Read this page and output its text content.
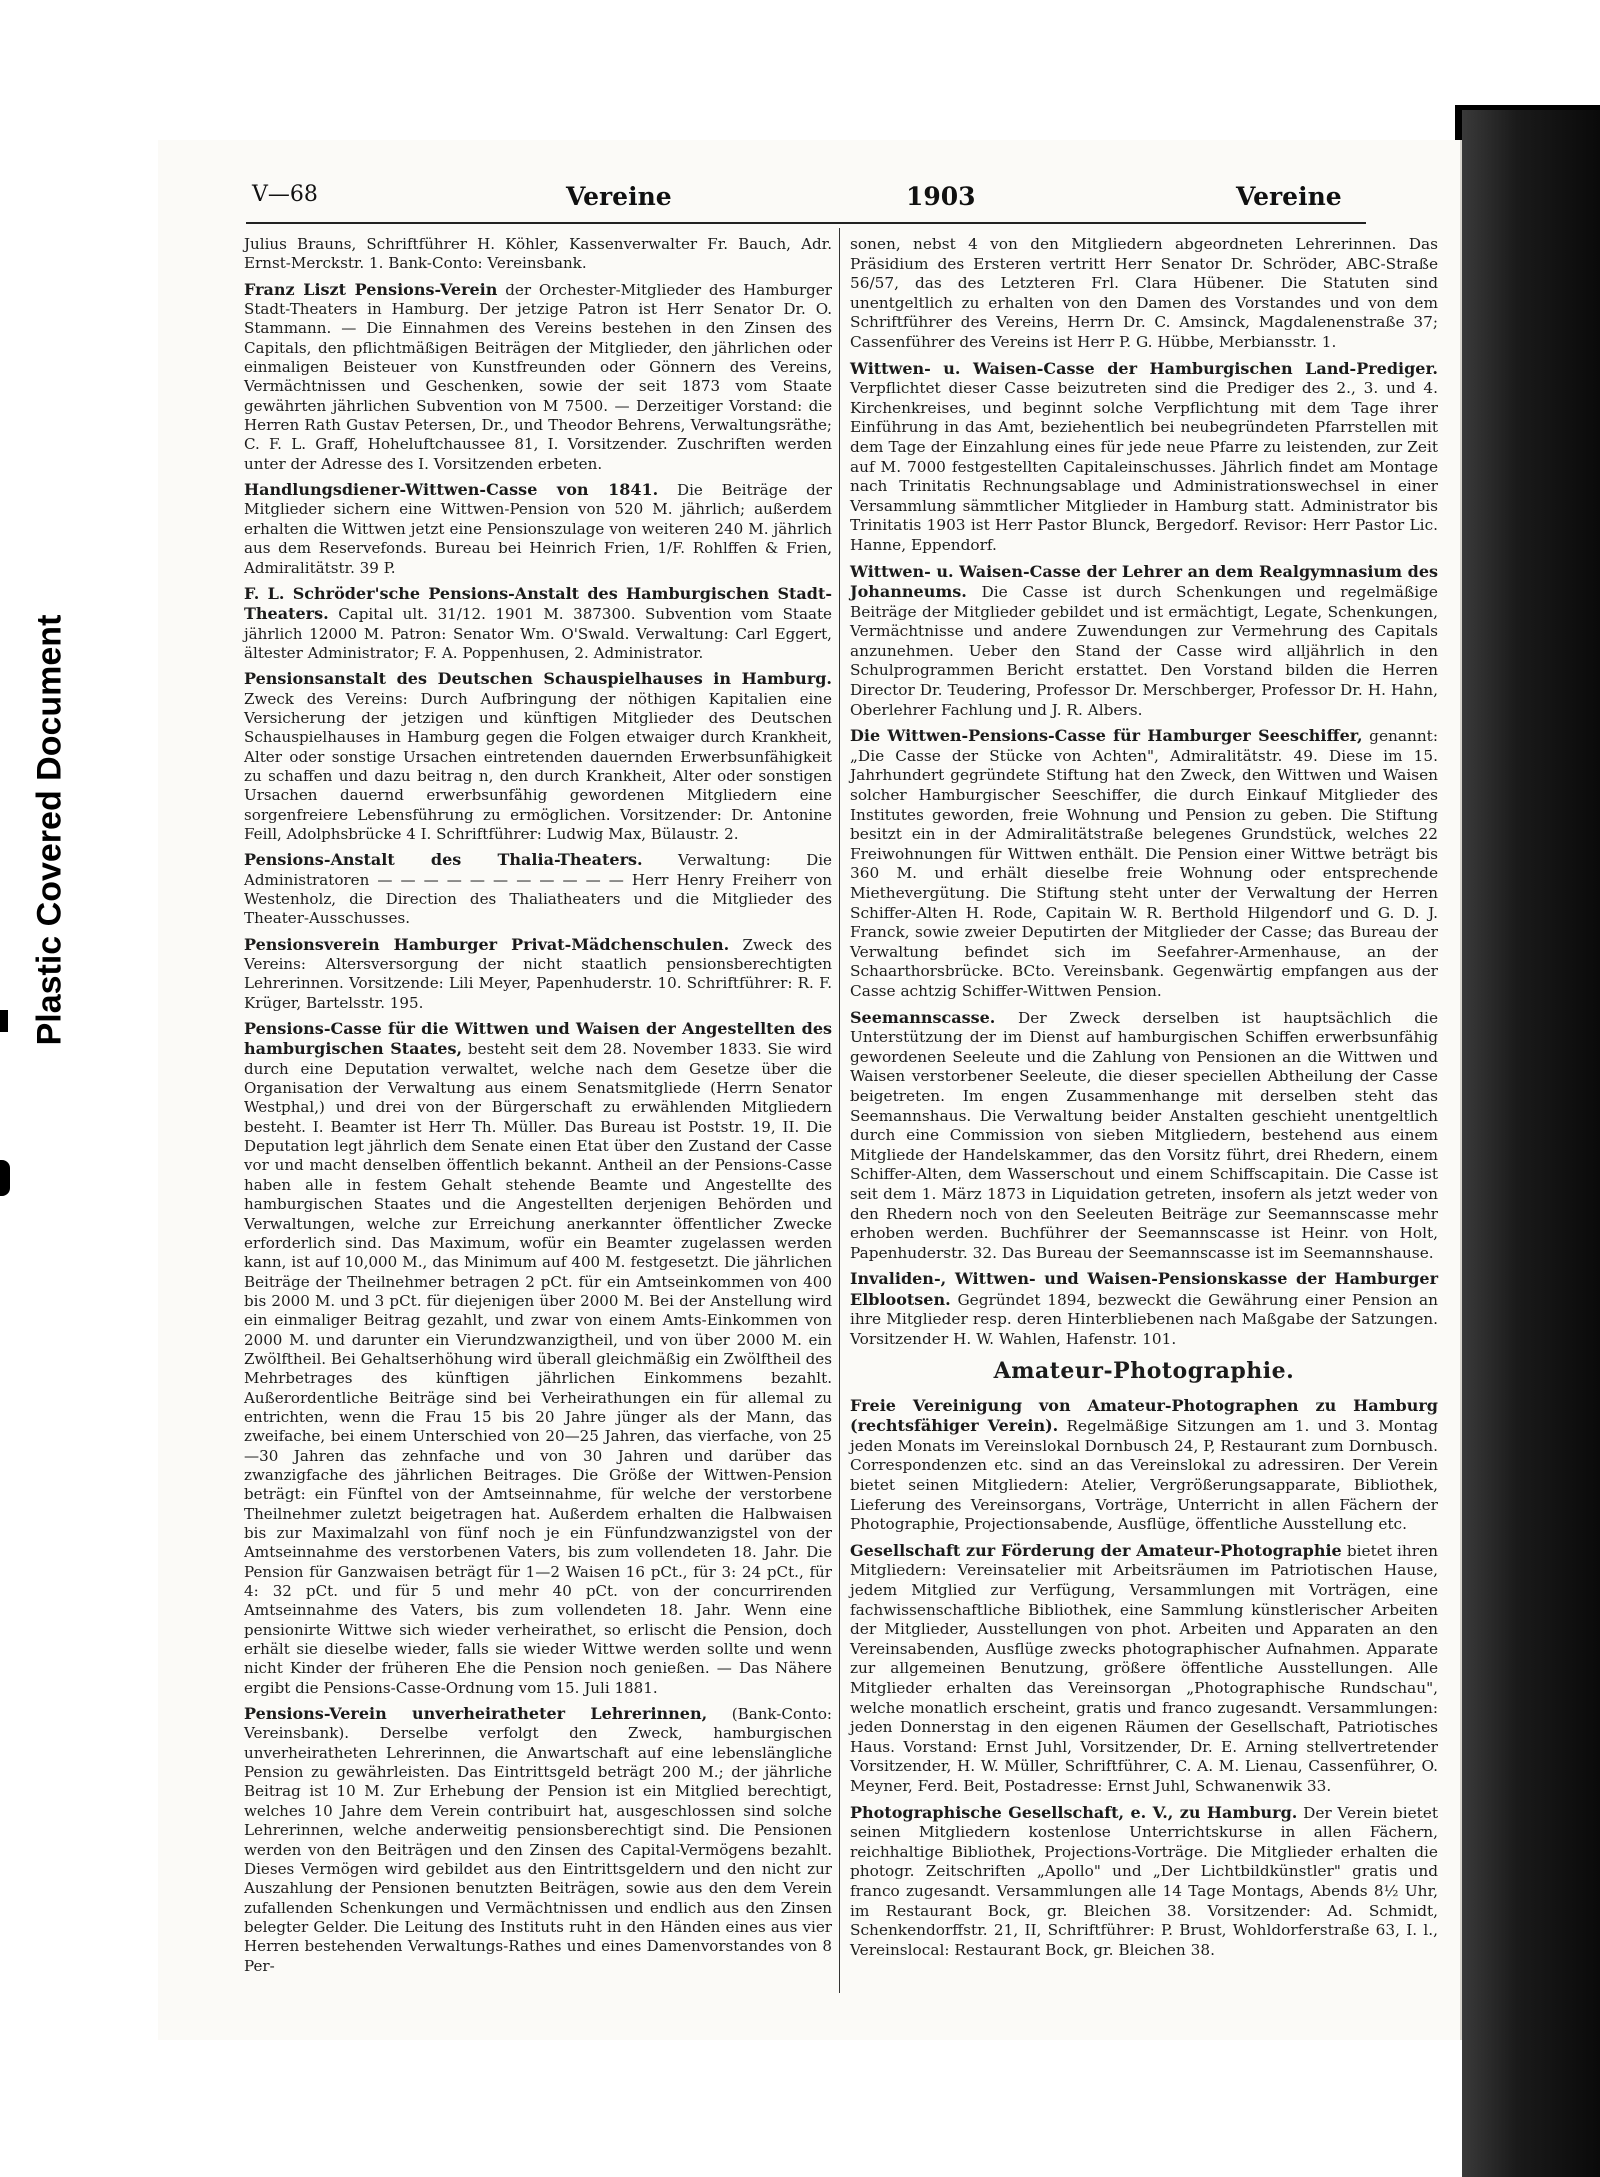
Plastic Covered Document
V—68	Vereine	1903	Vereine

Julius Brauns, Schriftführer H. Köhler, Kassenverwalter Fr. Bauch, Adr. Ernst-Merckstr. 1. Bank-Conto: Vereinsbank.

Franz Liszt Pensions-Verein der Orchester-Mitglieder des Hamburger Stadt-Theaters in Hamburg. Der jetzige Patron ist Herr Senator Dr. O. Stammann. — Die Einnahmen des Vereins bestehen in den Zinsen des Capitals, den pflichtmäßigen Beiträgen der Mitglieder, den jährlichen oder einmaligen Beisteuer von Kunstfreunden oder Gönnern des Vereins, Vermächtnissen und Geschenken, sowie der seit 1873 vom Staate gewährten jährlichen Subvention von M 7500. — Derzeitiger Vorstand: die Herren Rath Gustav Petersen, Dr., und Theodor Behrens, Verwaltungsräthe; C. F. L. Graff, Hoheluftchaussee 81, I. Vorsitzender. Zuschriften werden unter der Adresse des I. Vorsitzenden erbeten.

Handlungsdiener-Wittwen-Casse von 1841. Die Beiträge der Mitglieder sichern eine Wittwen-Pension von 520 M. jährlich; außerdem erhalten die Wittwen jetzt eine Pensionszulage von weiteren 240 M. jährlich aus dem Reservefonds. Bureau bei Heinrich Frien, 1/F. Rohlffen & Frien, Admiralitätstr. 39 P.

F. L. Schröder'sche Pensions-Anstalt des Hamburgischen Stadt-Theaters. Capital ult. 31/12. 1901 M. 387300. Subvention vom Staate jährlich 12000 M. Patron: Senator Wm. O'Swald. Verwaltung: Carl Eggert, ältester Administrator; F. A. Poppenhusen, 2. Administrator.

Pensionsanstalt des Deutschen Schauspielhauses in Hamburg. Zweck des Vereins: Durch Aufbringung der nöthigen Kapitalien eine Versicherung der jetzigen und künftigen Mitglieder des Deutschen Schauspielhauses in Hamburg gegen die Folgen etwaiger durch Krankheit, Alter oder sonstige Ursachen eintretenden dauernden Erwerbsunfähigkeit zu schaffen und dazu beitrag n, den durch Krankheit, Alter oder sonstigen Ursachen dauernd erwerbsunfähig gewordenen Mitgliedern eine sorgenfreiere Lebensführung zu ermöglichen. Vorsitzender: Dr. Antonine Feill, Adolphsbrücke 4 I. Schriftführer: Ludwig Max, Bülaustr. 2.

Pensions-Anstalt des Thalia-Theaters. Verwaltung: Die Administratoren — — — — — — — — — — — Herr Henry Freiherr von Westenholz, die Direction des Thaliatheaters und die Mitglieder des Theater-Ausschusses.

Pensionsverein Hamburger Privat-Mädchenschulen. Zweck des Vereins: Altersversorgung der nicht staatlich pensionsberechtigten Lehrerinnen. Vorsitzende: Lili Meyer, Papenhuderstr. 10. Schriftführer: R. F. Krüger, Bartelsstr. 195.

Pensions-Casse für die Wittwen und Waisen der Angestellten des hamburgischen Staates, besteht seit dem 28. November 1833. Sie wird durch eine Deputation verwaltet, welche nach dem Gesetze über die Organisation der Verwaltung aus einem Senatsmitgliede (Herrn Senator Westphal,) und drei von der Bürgerschaft zu erwählenden Mitgliedern besteht. I. Beamter ist Herr Th. Müller. Das Bureau ist Poststr. 19, II. Die Deputation legt jährlich dem Senate einen Etat über den Zustand der Casse vor und macht denselben öffentlich bekannt. Antheil an der Pensions-Casse haben alle in festem Gehalt stehende Beamte und Angestellte des hamburgischen Staates und die Angestellten derjenigen Behörden und Verwaltungen, welche zur Erreichung anerkannter öffentlicher Zwecke erforderlich sind. Das Maximum, wofür ein Beamter zugelassen werden kann, ist auf 10,000 M., das Minimum auf 400 M. festgesetzt. Die jährlichen Beiträge der Theilnehmer betragen 2 pCt. für ein Amtseinkommen von 400 bis 2000 M. und 3 pCt. für diejenigen über 2000 M. Bei der Anstellung wird ein einmaliger Beitrag gezahlt, und zwar von einem Amts-Einkommen von 2000 M. und darunter ein Vierundzwanzigtheil, und von über 2000 M. ein Zwölftheil. Bei Gehaltserhöhung wird überall gleichmäßig ein Zwölftheil des Mehrbetrages des künftigen jährlichen Einkommens bezahlt. Außerordentliche Beiträge sind bei Verheirathungen ein für allemal zu entrichten, wenn die Frau 15 bis 20 Jahre jünger als der Mann, das zweifache, bei einem Unterschied von 20—25 Jahren, das vierfache, von 25—30 Jahren das zehnfache und von 30 Jahren und darüber das zwanzigfache des jährlichen Beitrages. Die Größe der Wittwen-Pension beträgt: ein Fünftel von der Amtseinnahme, für welche der verstorbene Theilnehmer zuletzt beigetragen hat. Außerdem erhalten die Halbwaisen bis zur Maximalzahl von fünf noch je ein Fünfundzwanzigstel von der Amtseinnahme des verstorbenen Vaters, bis zum vollendeten 18. Jahr. Die Pension für Ganzwaisen beträgt für 1—2 Waisen 16 pCt., für 3: 24 pCt., für 4: 32 pCt. und für 5 und mehr 40 pCt. von der concurrirenden Amtseinnahme des Vaters, bis zum vollendeten 18. Jahr. Wenn eine pensionirte Wittwe sich wieder verheirathet, so erlischt die Pension, doch erhält sie dieselbe wieder, falls sie wieder Wittwe werden sollte und wenn nicht Kinder der früheren Ehe die Pension noch genießen. — Das Nähere ergibt die Pensions-Casse-Ordnung vom 15. Juli 1881.

Pensions-Verein unverheiratheter Lehrerinnen, (Bank-Conto: Vereinsbank). Derselbe verfolgt den Zweck, hamburgischen unverheiratheten Lehrerinnen, die Anwartschaft auf eine lebenslängliche Pension zu gewährleisten. Das Eintrittsgeld beträgt 200 M.; der jährliche Beitrag ist 10 M. Zur Erhebung der Pension ist ein Mitglied berechtigt, welches 10 Jahre dem Verein contribuirt hat, ausgeschlossen sind solche Lehrerinnen, welche anderweitig pensionsberechtigt sind. Die Pensionen werden von den Beiträgen und den Zinsen des Capital-Vermögens bezahlt. Dieses Vermögen wird gebildet aus den Eintrittsgeldern und den nicht zur Auszahlung der Pensionen benutzten Beiträgen, sowie aus den dem Verein zufallenden Schenkungen und Vermächtnissen und endlich aus den Zinsen belegter Gelder. Die Leitung des Instituts ruht in den Händen eines aus vier Herren bestehenden Verwaltungs-Rathes und eines Damenvorstandes von 8 Per-

sonen, nebst 4 von den Mitgliedern abgeordneten Lehrerinnen. Das Präsidium des Ersteren vertritt Herr Senator Dr. Schröder, ABC-Straße 56/57, das des Letzteren Frl. Clara Hübener. Die Statuten sind unentgeltlich zu erhalten von den Damen des Vorstandes und von dem Schriftführer des Vereins, Herrn Dr. C. Amsinck, Magdalenenstraße 37; Cassenführer des Vereins ist Herr P. G. Hübbe, Merbiansstr. 1.

Wittwen- u. Waisen-Casse der Hamburgischen Land-Prediger. Verpflichtet dieser Casse beizutreten sind die Prediger des 2., 3. und 4. Kirchenkreises, und beginnt solche Verpflichtung mit dem Tage ihrer Einführung in das Amt, beziehentlich bei neubegründeten Pfarrstellen mit dem Tage der Einzahlung eines für jede neue Pfarre zu leistenden, zur Zeit auf M. 7000 festgestellten Capitaleinschusses. Jährlich findet am Montage nach Trinitatis Rechnungsablage und Administrationswechsel in einer Versammlung sämmtlicher Mitglieder in Hamburg statt. Administrator bis Trinitatis 1903 ist Herr Pastor Blunck, Bergedorf. Revisor: Herr Pastor Lic. Hanne, Eppendorf.

Wittwen- u. Waisen-Casse der Lehrer an dem Realgymnasium des Johanneums. Die Casse ist durch Schenkungen und regelmäßige Beiträge der Mitglieder gebildet und ist ermächtigt, Legate, Schenkungen, Vermächtnisse und andere Zuwendungen zur Vermehrung des Capitals anzunehmen. Ueber den Stand der Casse wird alljährlich in den Schulprogrammen Bericht erstattet. Den Vorstand bilden die Herren Director Dr. Teudering, Professor Dr. Merschberger, Professor Dr. H. Hahn, Oberlehrer Fachlung und J. R. Albers.

Die Wittwen-Pensions-Casse für Hamburger Seeschiffer, genannt: „Die Casse der Stücke von Achten", Admiralitätstr. 49. Diese im 15. Jahrhundert gegründete Stiftung hat den Zweck, den Wittwen und Waisen solcher Hamburgischer Seeschiffer, die durch Einkauf Mitglieder des Institutes geworden, freie Wohnung und Pension zu geben. Die Stiftung besitzt ein in der Admiralitätstraße belegenes Grundstück, welches 22 Freiwohnungen für Wittwen enthält. Die Pension einer Wittwe beträgt bis 360 M. und erhält dieselbe freie Wohnung oder entsprechende Miethevergütung. Die Stiftung steht unter der Verwaltung der Herren Schiffer-Alten H. Rode, Capitain W. R. Berthold Hilgendorf und G. D. J. Franck, sowie zweier Deputirten der Mitglieder der Casse; das Bureau der Verwaltung befindet sich im Seefahrer-Armenhause, an der Schaarthorsbrücke. BCto. Vereinsbank. Gegenwärtig empfangen aus der Casse achtzig Schiffer-Wittwen Pension.

Seemannscasse. Der Zweck derselben ist hauptsächlich die Unterstützung der im Dienst auf hamburgischen Schiffen erwerbsunfähig gewordenen Seeleute und die Zahlung von Pensionen an die Wittwen und Waisen verstorbener Seeleute, die dieser speciellen Abtheilung der Casse beigetreten. Im engen Zusammenhange mit derselben steht das Seemannshaus. Die Verwaltung beider Anstalten geschieht unentgeltlich durch eine Commission von sieben Mitgliedern, bestehend aus einem Mitgliede der Handelskammer, das den Vorsitz führt, drei Rhedern, einem Schiffer-Alten, dem Wasserschout und einem Schiffscapitain. Die Casse ist seit dem 1. März 1873 in Liquidation getreten, insofern als jetzt weder von den Rhedern noch von den Seeleuten Beiträge zur Seemannscasse mehr erhoben werden. Buchführer der Seemannscasse ist Heinr. von Holt, Papenhuderstr. 32. Das Bureau der Seemannscasse ist im Seemannshause.

Invaliden-, Wittwen- und Waisen-Pensionskasse der Hamburger Elblootsen. Gegründet 1894, bezweckt die Gewährung einer Pension an ihre Mitglieder resp. deren Hinterbliebenen nach Maßgabe der Satzungen. Vorsitzender H. W. Wahlen, Hafenstr. 101.

Amateur-Photographie.

Freie Vereinigung von Amateur-Photographen zu Hamburg (rechtsfähiger Verein). Regelmäßige Sitzungen am 1. und 3. Montag jeden Monats im Vereinslokal Dornbusch 24, P, Restaurant zum Dornbusch. Correspondenzen etc. sind an das Vereinslokal zu adressiren. Der Verein bietet seinen Mitgliedern: Atelier, Vergrößerungsapparate, Bibliothek, Lieferung des Vereinsorgans, Vorträge, Unterricht in allen Fächern der Photographie, Projectionsabende, Ausflüge, öffentliche Ausstellung etc.

Gesellschaft zur Förderung der Amateur-Photographie bietet ihren Mitgliedern: Vereinsatelier mit Arbeitsräumen im Patriotischen Hause, jedem Mitglied zur Verfügung, Versammlungen mit Vorträgen, eine fachwissenschaftliche Bibliothek, eine Sammlung künstlerischer Arbeiten der Mitglieder, Ausstellungen von phot. Arbeiten und Apparaten an den Vereinsabenden, Ausflüge zwecks photographischer Aufnahmen. Apparate zur allgemeinen Benutzung, größere öffentliche Ausstellungen. Alle Mitglieder erhalten das Vereinsorgan „Photographische Rundschau", welche monatlich erscheint, gratis und franco zugesandt. Versammlungen: jeden Donnerstag in den eigenen Räumen der Gesellschaft, Patriotisches Haus. Vorstand: Ernst Juhl, Vorsitzender, Dr. E. Arning stellvertretender Vorsitzender, H. W. Müller, Schriftführer, C. A. M. Lienau, Cassenführer, O. Meyner, Ferd. Beit, Postadresse: Ernst Juhl, Schwanenwik 33.

Photographische Gesellschaft, e. V., zu Hamburg. Der Verein bietet seinen Mitgliedern kostenlose Unterrichtskurse in allen Fächern, reichhaltige Bibliothek, Projections-Vorträge. Die Mitglieder erhalten die photogr. Zeitschriften „Apollo" und „Der Lichtbildkünstler" gratis und franco zugesandt. Versammlungen alle 14 Tage Montags, Abends 8½ Uhr, im Restaurant Bock, gr. Bleichen 38. Vorsitzender: Ad. Schmidt, Schenkendorffstr. 21, II, Schriftführer: P. Brust, Wohldorferstraße 63, I. l., Vereinslocal: Restaurant Bock, gr. Bleichen 38.
